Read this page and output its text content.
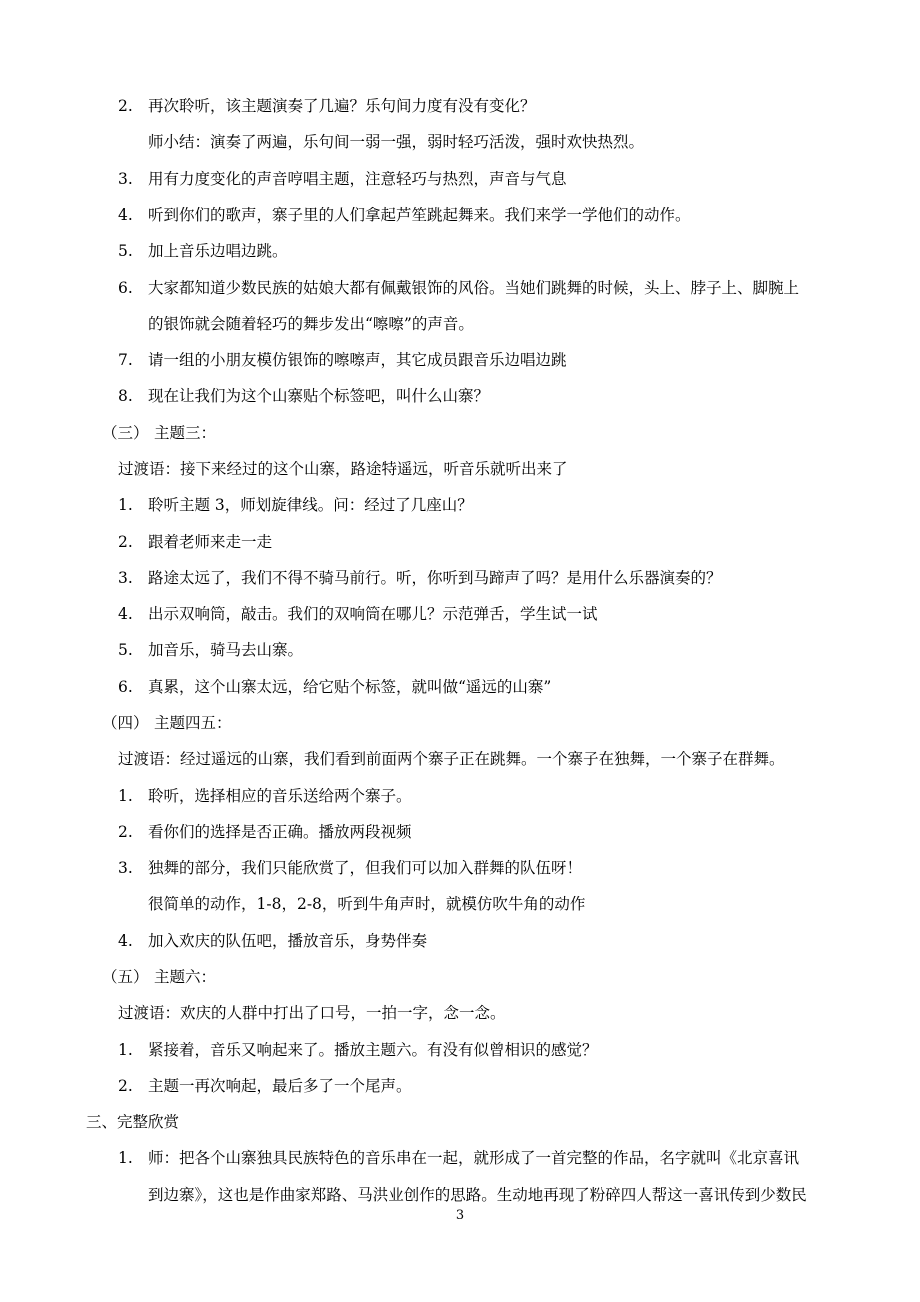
2. 再次聆听，该主题演奏了几遍？乐句间力度有没有变化？
师小结：演奏了两遍，乐句间一弱一强，弱时轻巧活泼，强时欢快热烈。
3. 用有力度变化的声音哼唱主题，注意轻巧与热烈，声音与气息
4. 听到你们的歌声，寨子里的人们拿起芦笙跳起舞来。我们来学一学他们的动作。
5. 加上音乐边唱边跳。
6. 大家都知道少数民族的姑娘大都有佩戴银饰的风俗。当她们跳舞的时候，头上、脖子上、脚腕上
的银饰就会随着轻巧的舞步发出“嚓嚓”的声音。
7. 请一组的小朋友模仿银饰的嚓嚓声，其它成员跟音乐边唱边跳
8. 现在让我们为这个山寨贴个标签吧，叫什么山寨？
（三） 主题三：
过渡语：接下来经过的这个山寨，路途特遥远，听音乐就听出来了
1. 聆听主题 3，师划旋律线。问：经过了几座山？
2. 跟着老师来走一走
3. 路途太远了，我们不得不骑马前行。听，你听到马蹄声了吗？是用什么乐器演奏的？
4. 出示双响筒，敲击。我们的双响筒在哪儿？示范弹舌，学生试一试
5. 加音乐，骑马去山寨。
6. 真累，这个山寨太远，给它贴个标签，就叫做“遥远的山寨”
（四） 主题四五：
过渡语：经过遥远的山寨，我们看到前面两个寨子正在跳舞。一个寨子在独舞，一个寨子在群舞。
1. 聆听，选择相应的音乐送给两个寨子。
2. 看你们的选择是否正确。播放两段视频
3. 独舞的部分，我们只能欣赏了，但我们可以加入群舞的队伍呀！
很简单的动作，1-8，2-8，听到牛角声时，就模仿吹牛角的动作
4. 加入欢庆的队伍吧，播放音乐，身势伴奏
（五） 主题六：
过渡语：欢庆的人群中打出了口号，一拍一字，念一念。
1. 紧接着，音乐又响起来了。播放主题六。有没有似曾相识的感觉？
2. 主题一再次响起，最后多了一个尾声。
三、完整欣赏
1. 师：把各个山寨独具民族特色的音乐串在一起，就形成了一首完整的作品，名字就叫《北京喜讯
到边寨》，这也是作曲家郑路、马洪业创作的思路。生动地再现了粉碎四人帮这一喜讯传到少数民
3
